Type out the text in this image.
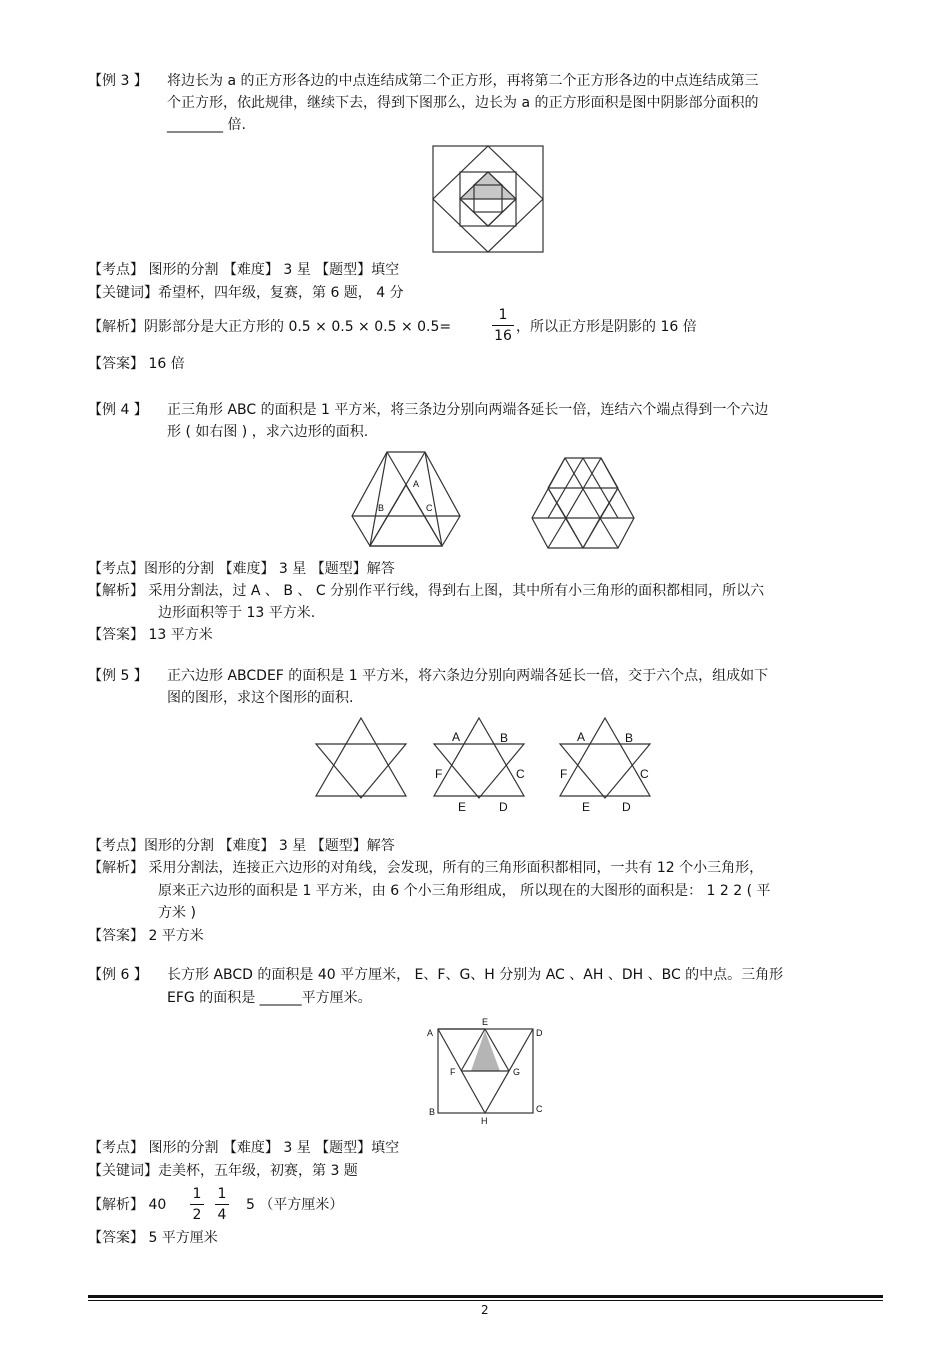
【例 3 】 将边长为 a 的正方形各边的中点连结成第二个正方形，再将第二个正方形各边的中点连结成第三
个正方形，依此规律，继续下去，得到下图那么，边长为 a 的正方形面积是图中阴影部分面积的
________ 倍.
【考点】 图形的分割 【难度】 3 星 【题型】填空
【关键词】希望杯，四年级，复赛，第 6 题， 4 分
【解析】阴影部分是大正方形的 0.5 × 0.5 × 0.5 × 0.5=
1
16
，所以正方形是阴影的 16 倍
【答案】 16 倍
【例 4 】 正三角形 ABC 的面积是 1 平方米，将三条边分别向两端各延长一倍，连结六个端点得到一个六边
形 ( 如右图 ) ，求六边形的面积.
A
B	C
【考点】图形的分割 【难度】 3 星 【题型】解答
【解析】 采用分割法，过 A 、 B 、 C 分别作平行线，得到右上图，其中所有小三角形的面积都相同，所以六
边形面积等于 13 平方米.
【答案】 13 平方米
【例 5 】 正六边形 ABCDEF 的面积是 1 平方米，将六条边分别向两端各延长一倍，交于六个点，组成如下
图的图形，求这个图形的面积.
A	B
C
D
E
F
A	B
C
D
E
F
【考点】图形的分割 【难度】 3 星 【题型】解答
【解析】 采用分割法，连接正六边形的对角线，会发现，所有的三角形面积都相同，一共有 12 个小三角形，
原来正六边形的面积是 1 平方米，由 6 个小三角形组成， 所以现在的大图形的面积是： 1 2 2 ( 平
方米 )
【答案】 2 平方米
【例 6 】 长方形 ABCD 的面积是 40 平方厘米， E、F、G、H 分别为 AC 、AH 、DH 、BC 的中点。三角形
EFG 的面积是 ______平方厘米。
A
B	C
D
E
F	G
H
【考点】 图形的分割 【难度】 3 星 【题型】填空
【关键词】走美杯，五年级，初赛，第 3 题
【解析】 40
1
2
1
4
5 （平方厘米）
【答案】 5 平方厘米
2
